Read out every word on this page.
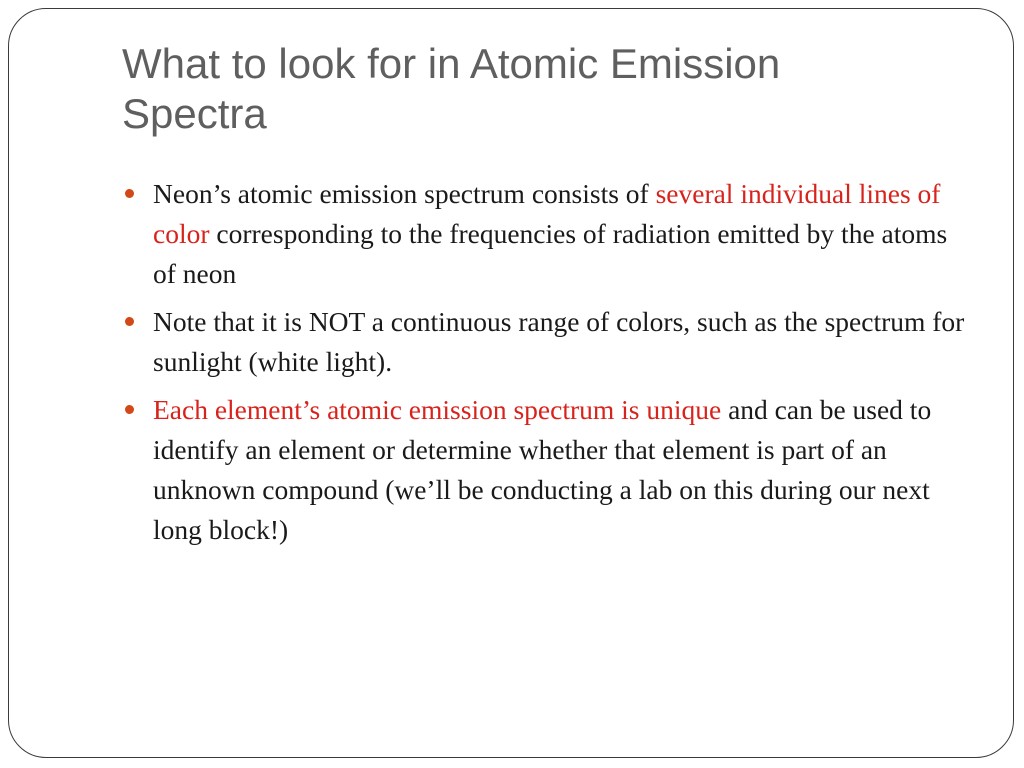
What to look for in Atomic Emission Spectra
Neon’s atomic emission spectrum consists of several individual lines of color corresponding to the frequencies of radiation emitted by the atoms of neon
Note that it is NOT a continuous range of colors, such as the spectrum for sunlight (white light).
Each element’s atomic emission spectrum is unique and can be used to identify an element or determine whether that element is part of an unknown compound (we’ll be conducting a lab on this during our next long block!)
